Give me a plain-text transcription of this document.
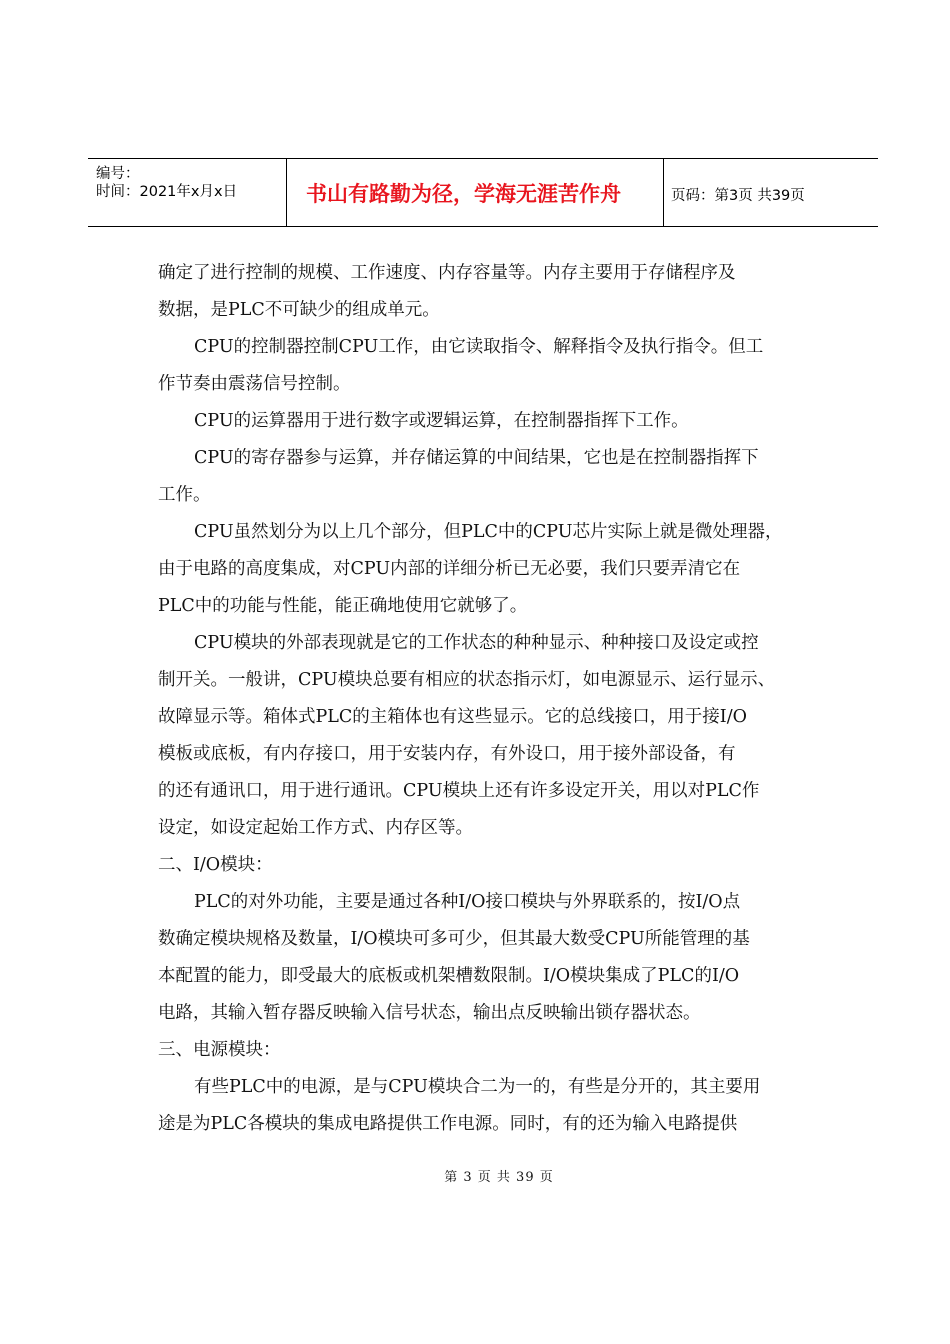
编号：
时间：2021年x月x日	书山有路勤为径，学海无涯苦作舟	页码：第3页 共39页
确定了进行控制的规模、工作速度、内存容量等。内存主要用于存储程序及
数据，是PLC不可缺少的组成单元。
CPU的控制器控制CPU工作，由它读取指令、解释指令及执行指令。但工
作节奏由震荡信号控制。
CPU的运算器用于进行数字或逻辑运算，在控制器指挥下工作。
CPU的寄存器参与运算，并存储运算的中间结果，它也是在控制器指挥下
工作。
CPU虽然划分为以上几个部分，但PLC中的CPU芯片实际上就是微处理器，
由于电路的高度集成，对CPU内部的详细分析已无必要，我们只要弄清它在
PLC中的功能与性能，能正确地使用它就够了。
CPU模块的外部表现就是它的工作状态的种种显示、种种接口及设定或控
制开关。一般讲，CPU模块总要有相应的状态指示灯，如电源显示、运行显示、
故障显示等。箱体式PLC的主箱体也有这些显示。它的总线接口，用于接I/O
模板或底板，有内存接口，用于安装内存，有外设口，用于接外部设备，有
的还有通讯口，用于进行通讯。CPU模块上还有许多设定开关，用以对PLC作
设定，如设定起始工作方式、内存区等。
二、I/O模块：
PLC的对外功能，主要是通过各种I/O接口模块与外界联系的，按I/O点
数确定模块规格及数量，I/O模块可多可少，但其最大数受CPU所能管理的基
本配置的能力，即受最大的底板或机架槽数限制。I/O模块集成了PLC的I/O
电路，其输入暂存器反映输入信号状态，输出点反映输出锁存器状态。
三、电源模块：
有些PLC中的电源，是与CPU模块合二为一的，有些是分开的，其主要用
途是为PLC各模块的集成电路提供工作电源。同时，有的还为输入电路提供
第 3 页 共 39 页
